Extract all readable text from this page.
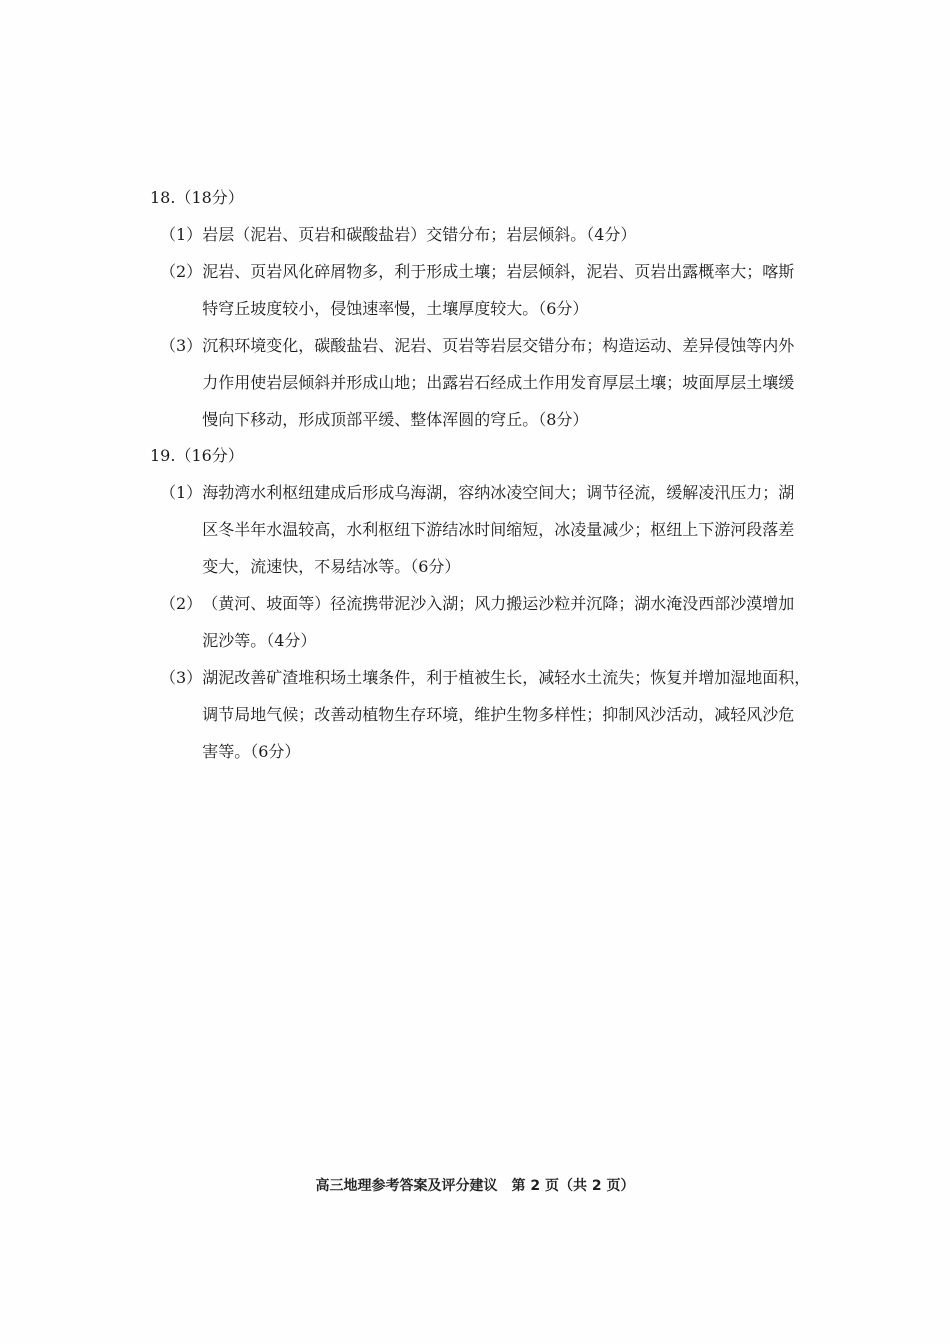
18.（18分）
（1） 岩层（泥岩、页岩和碳酸盐岩）交错分布；岩层倾斜。（4分）
（2） 泥岩、页岩风化碎屑物多，利于形成土壤；岩层倾斜，泥岩、页岩出露概率大；喀斯
特穹丘坡度较小，侵蚀速率慢，土壤厚度较大。（6分）
（3） 沉积环境变化，碳酸盐岩、泥岩、页岩等岩层交错分布；构造运动、差异侵蚀等内外
力作用使岩层倾斜并形成山地；出露岩石经成土作用发育厚层土壤；坡面厚层土壤缓
慢向下移动，形成顶部平缓、整体浑圆的穹丘。（8分）
19.（16分）
（1） 海勃湾水利枢纽建成后形成乌海湖，容纳冰凌空间大；调节径流，缓解凌汛压力；湖
区冬半年水温较高，水利枢纽下游结冰时间缩短，冰凌量减少；枢纽上下游河段落差
变大，流速快，不易结冰等。（6分）
（2） （黄河、坡面等）径流携带泥沙入湖；风力搬运沙粒并沉降；湖水淹没西部沙漠增加
泥沙等。（4分）
（3） 湖泥改善矿渣堆积场土壤条件，利于植被生长，减轻水土流失；恢复并增加湿地面积，
调节局地气候；改善动植物生存环境，维护生物多样性；抑制风沙活动，减轻风沙危
害等。（6分）
高三地理参考答案及评分建议　第 2 页（共 2 页）
